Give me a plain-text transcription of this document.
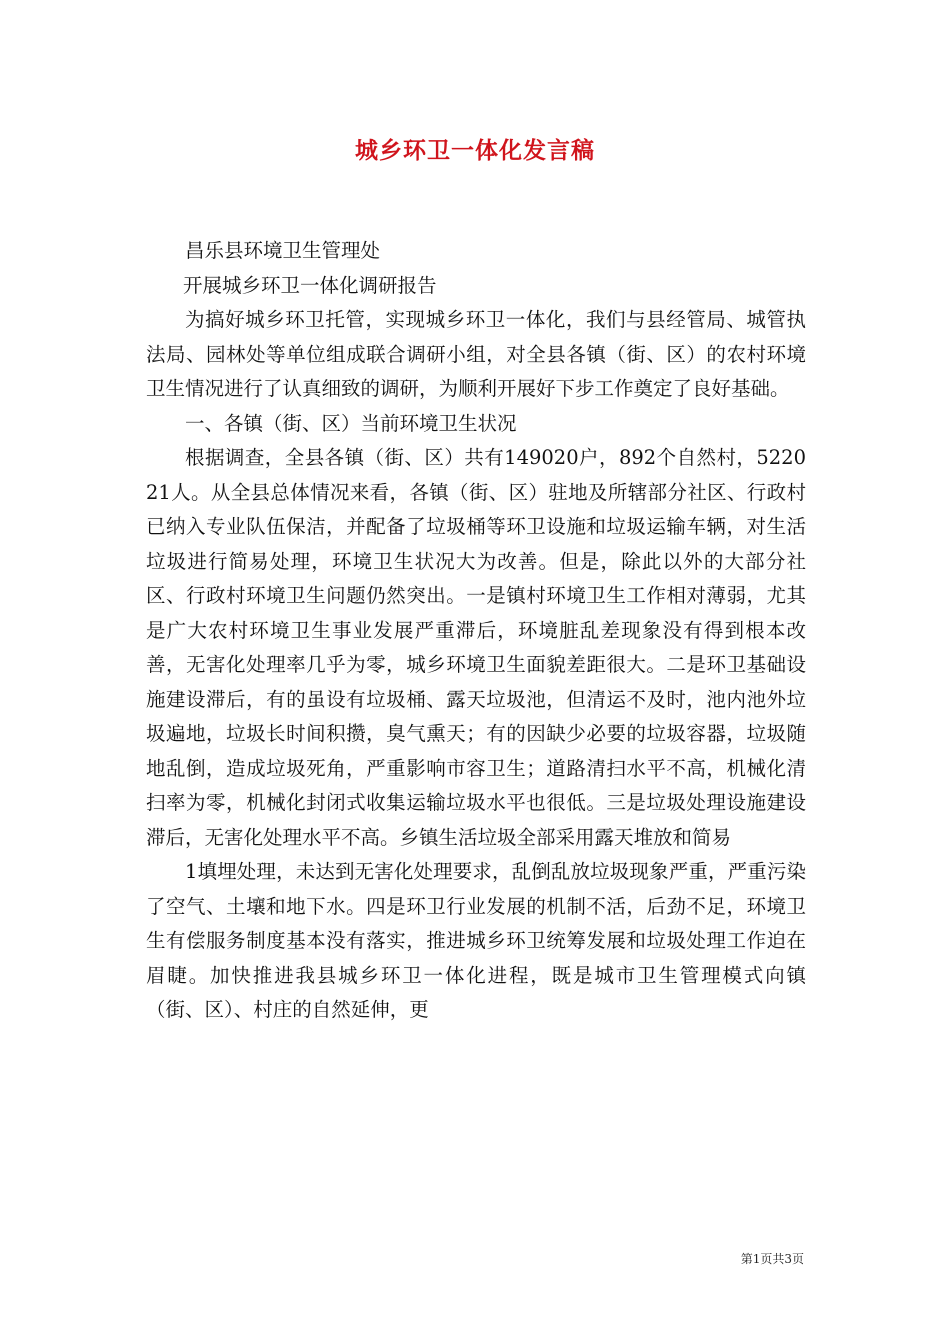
城乡环卫一体化发言稿

昌乐县环境卫生管理处

开展城乡环卫一体化调研报告

为搞好城乡环卫托管，实现城乡环卫一体化，我们与县经管局、城管执法局、园林处等单位组成联合调研小组，对全县各镇（街、区）的农村环境卫生情况进行了认真细致的调研，为顺利开展好下步工作奠定了良好基础。

一、各镇（街、区）当前环境卫生状况

根据调查，全县各镇（街、区）共有149020户，892个自然村，522021人。从全县总体情况来看，各镇（街、区）驻地及所辖部分社区、行政村已纳入专业队伍保洁，并配备了垃圾桶等环卫设施和垃圾运输车辆，对生活垃圾进行简易处理，环境卫生状况大为改善。但是，除此以外的大部分社区、行政村环境卫生问题仍然突出。一是镇村环境卫生工作相对薄弱，尤其是广大农村环境卫生事业发展严重滞后，环境脏乱差现象没有得到根本改善，无害化处理率几乎为零，城乡环境卫生面貌差距很大。二是环卫基础设施建设滞后，有的虽设有垃圾桶、露天垃圾池，但清运不及时，池内池外垃圾遍地，垃圾长时间积攒，臭气熏天；有的因缺少必要的垃圾容器，垃圾随地乱倒，造成垃圾死角，严重影响市容卫生；道路清扫水平不高，机械化清扫率为零，机械化封闭式收集运输垃圾水平也很低。三是垃圾处理设施建设滞后，无害化处理水平不高。乡镇生活垃圾全部采用露天堆放和简易

1填埋处理，未达到无害化处理要求，乱倒乱放垃圾现象严重，严重污染了空气、土壤和地下水。四是环卫行业发展的机制不活，后劲不足，环境卫生有偿服务制度基本没有落实，推进城乡环卫统筹发展和垃圾处理工作迫在眉睫。加快推进我县城乡环卫一体化进程，既是城市卫生管理模式向镇（街、区）、村庄的自然延伸，更

第1页共3页
